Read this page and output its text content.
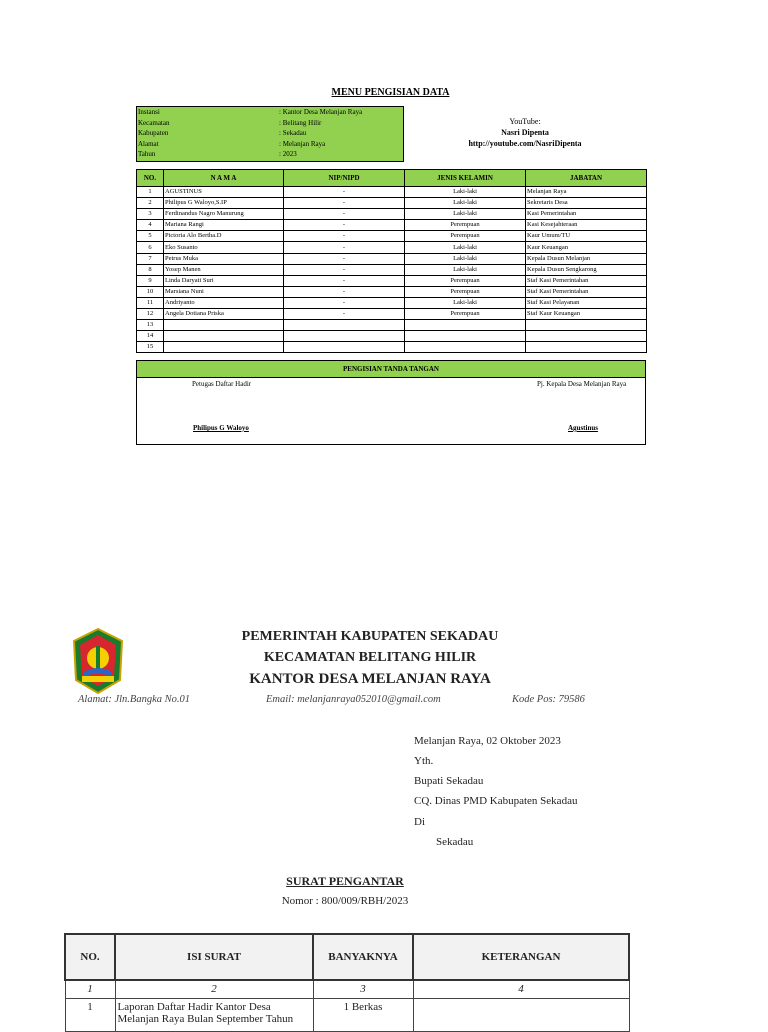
MENU PENGISIAN DATA
Instansi	: Kantor Desa Melanjan Raya
Kecamatan	: Belitang Hilir
Kabupaten	: Sekadau
Alamat	: Melanjan Raya
Tahun	: 2023
YouTube:
Nasri Dipenta
http://youtube.com/NasriDipenta
NO.	N A M A	NIP/NIPD	JENIS KELAMIN	JABATAN
1	AGUSTINUS	-	Laki-laki	Melanjan Raya
2	Philipus G Waloyo,S.IP	-	Laki-laki	Sekretaris Desa
3	Ferdinandus Nagro Manurung	-	Laki-laki	Kasi Pemerintahan
4	Mariana Rangi	-	Perempuan	Kasi Kesejahteraan
5	Pictoria Alo Bertha.D	-	Perempuan	Kaur Umum/TU
6	Eko Susanto	-	Laki-laki	Kaur Keuangan
7	Petrus Muka	-	Laki-laki	Kepala Dusun Melanjan
8	Yosep Manen	-	Laki-laki	Kepala Dusun Sengkarong
9	Linda Daryati Suri	-	Perempuan	Staf Kasi Pemerintahan
10	Marsiana Nuni	-	Perempuan	Staf Kasi Pemerintahan
11	Andriyanto	-	Laki-laki	Staf Kasi Pelayanan
12	Angela Dotiana Priska	-	Perempuan	Staf Kaur Keuangan
13				
14				
15				
PENGISIAN TANDA TANGAN
Petugas Daftar Hadir	Pj. Kepala Desa Melanjan Raya
Philipus G Waloyo	Agustinus
PEMERINTAH KABUPATEN SEKADAU
KECAMATAN BELITANG HILIR
KANTOR DESA MELANJAN RAYA
Alamat: Jln.Bangka No.01	Email: melanjanraya052010@gmail.com	Kode Pos: 79586
Melanjan Raya, 02 Oktober 2023
Yth.
Bupati Sekadau
CQ. Dinas PMD Kabupaten Sekadau
Di
Sekadau
SURAT PENGANTAR
Nomor : 800/009/RBH/2023
NO.	ISI SURAT	BANYAKNYA	KETERANGAN
1	2	3	4
1	Laporan Daftar Hadir Kantor Desa Melanjan Raya Bulan September Tahun	1 Berkas	
